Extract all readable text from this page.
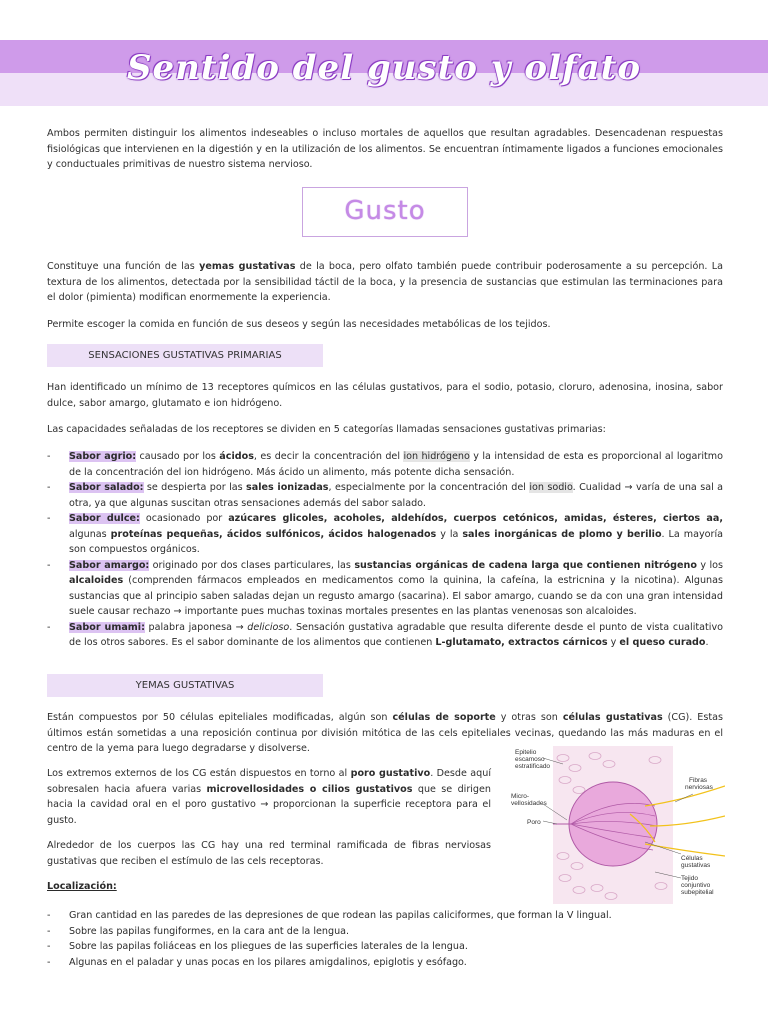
Sentido del gusto y olfato
Ambos permiten distinguir los alimentos indeseables o incluso mortales de aquellos que resultan agradables. Desencadenan respuestas fisiológicas que intervienen en la digestión y en la utilización de los alimentos. Se encuentran íntimamente ligados a funciones emocionales y conductuales primitivas de nuestro sistema nervioso.
Gusto
Constituye una función de las yemas gustativas de la boca, pero olfato también puede contribuir poderosamente a su percepción. La textura de los alimentos, detectada por la sensibilidad táctil de la boca, y la presencia de sustancias que estimulan las terminaciones para el dolor (pimienta) modifican enormemente la experiencia.
Permite escoger la comida en función de sus deseos y según las necesidades metabólicas de los tejidos.
SENSACIONES GUSTATIVAS PRIMARIAS
Han identificado un mínimo de 13 receptores químicos en las células gustativos, para el sodio, potasio, cloruro, adenosina, inosina, sabor dulce, sabor amargo, glutamato e ion hidrógeno.
Las capacidades señaladas de los receptores se dividen en 5 categorías llamadas sensaciones gustativas primarias:
- Sabor agrio: causado por los ácidos, es decir la concentración del ion hidrógeno y la intensidad de esta es proporcional al logaritmo de la concentración del ion hidrógeno. Más ácido un alimento, más potente dicha sensación.
- Sabor salado: se despierta por las sales ionizadas, especialmente por la concentración del ion sodio. Cualidad → varía de una sal a otra, ya que algunas suscitan otras sensaciones además del sabor salado.
- Sabor dulce: ocasionado por azúcares glicoles, acoholes, aldehídos, cuerpos cetónicos, amidas, ésteres, ciertos aa, algunas proteínas pequeñas, ácidos sulfónicos, ácidos halogenados y la sales inorgánicas de plomo y berilio. La mayoría son compuestos orgánicos.
- Sabor amargo: originado por dos clases particulares, las sustancias orgánicas de cadena larga que contienen nitrógeno y los alcaloides (comprenden fármacos empleados en medicamentos como la quinina, la cafeína, la estricnina y la nicotina). Algunas sustancias que al principio saben saladas dejan un regusto amargo (sacarina). El sabor amargo, cuando se da con una gran intensidad suele causar rechazo → importante pues muchas toxinas mortales presentes en las plantas venenosas son alcaloides.
- Sabor umami: palabra japonesa → delicioso. Sensación gustativa agradable que resulta diferente desde el punto de vista cualitativo de los otros sabores. Es el sabor dominante de los alimentos que contienen L-glutamato, extractos cárnicos y el queso curado.
YEMAS GUSTATIVAS
Están compuestos por 50 células epiteliales modificadas, algún son células de soporte y otras son células gustativas (CG). Estas últimos están sometidas a una reposición continua por división mitótica de las cels epiteliales vecinas, quedando las más maduras en el centro de la yema para luego degradarse y disolverse.
Los extremos externos de los CG están dispuestos en torno al poro gustativo. Desde aquí sobresalen hacia afuera varias microvellosidades o cilios gustativos que se dirigen hacia la cavidad oral en el poro gustativo → proporcionan la superficie receptora para el gusto.
Alrededor de los cuerpos las CG hay una red terminal ramificada de fibras nerviosas gustativas que reciben el estímulo de las cels receptoras.
Localización:
- Gran cantidad en las paredes de las depresiones de que rodean las papilas caliciformes, que forman la V lingual.
- Sobre las papilas fungiformes, en la cara ant de la lengua.
- Sobre las papilas foliáceas en los pliegues de las superficies laterales de la lengua.
- Algunas en el paladar y unas pocas en los pilares amigdalinos, epiglotis y esófago.
Epitelio
escamoso
estratificado
Micro-
vellosidades
Poro
Fibras
nerviosas
Células
gustativas
Tejido
conjuntivo
subepitelial
